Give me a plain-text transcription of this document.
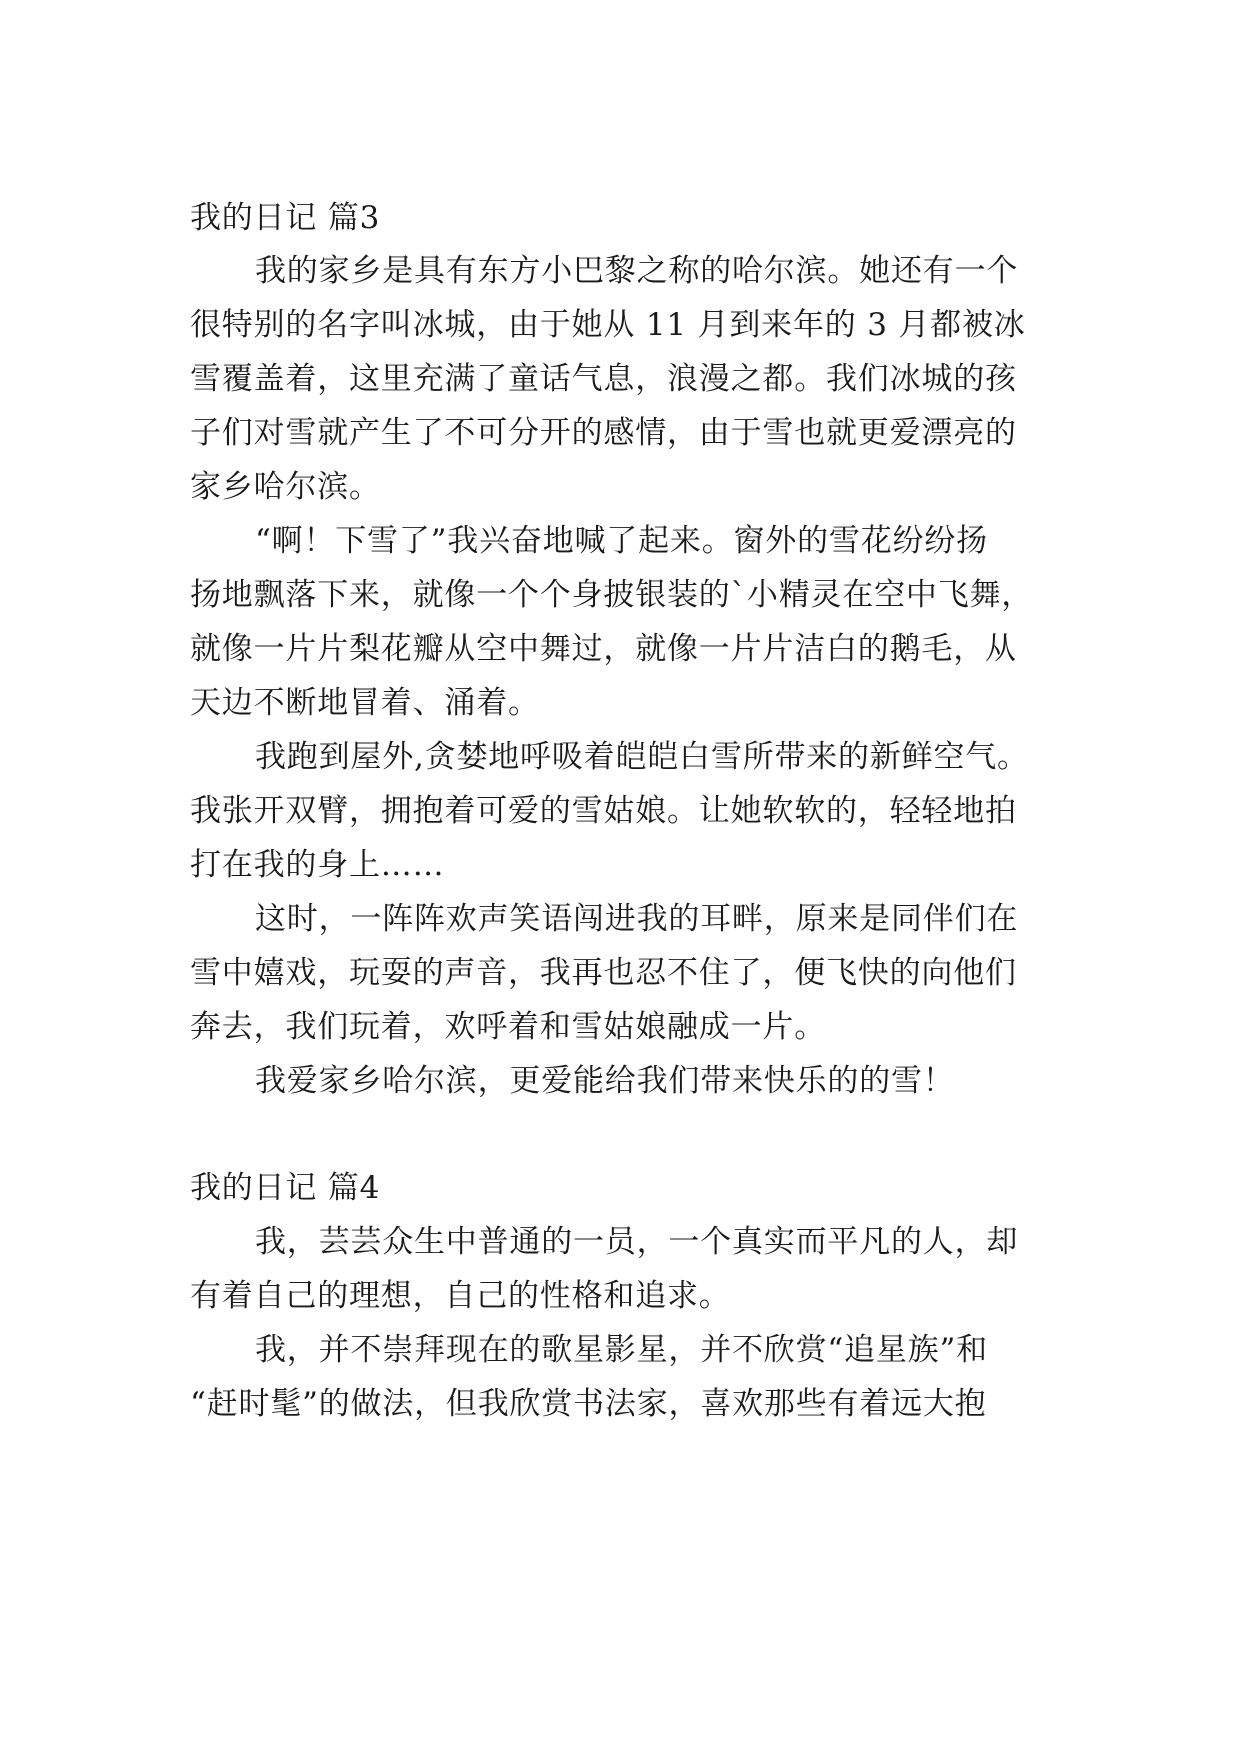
我的日记 篇3
我的家乡是具有东方小巴黎之称的哈尔滨。她还有一个
很特别的名字叫冰城，由于她从 11 月到来年的 3 月都被冰
雪覆盖着，这里充满了童话气息，浪漫之都。我们冰城的孩
子们对雪就产生了不可分开的感情，由于雪也就更爱漂亮的
家乡哈尔滨。
“啊！下雪了”我兴奋地喊了起来。窗外的雪花纷纷扬
扬地飘落下来，就像一个个身披银装的`小精灵在空中飞舞，
就像一片片梨花瓣从空中舞过，就像一片片洁白的鹅毛，从
天边不断地冒着、涌着。
我跑到屋外,贪婪地呼吸着皑皑白雪所带来的新鲜空气。
我张开双臂，拥抱着可爱的雪姑娘。让她软软的，轻轻地拍
打在我的身上……
这时，一阵阵欢声笑语闯进我的耳畔，原来是同伴们在
雪中嬉戏，玩耍的声音，我再也忍不住了，便飞快的向他们
奔去，我们玩着，欢呼着和雪姑娘融成一片。
我爱家乡哈尔滨，更爱能给我们带来快乐的的雪！
我的日记 篇4
我，芸芸众生中普通的一员，一个真实而平凡的人，却
有着自己的理想，自己的性格和追求。
我，并不崇拜现在的歌星影星，并不欣赏“追星族”和
“赶时髦”的做法，但我欣赏书法家，喜欢那些有着远大抱
